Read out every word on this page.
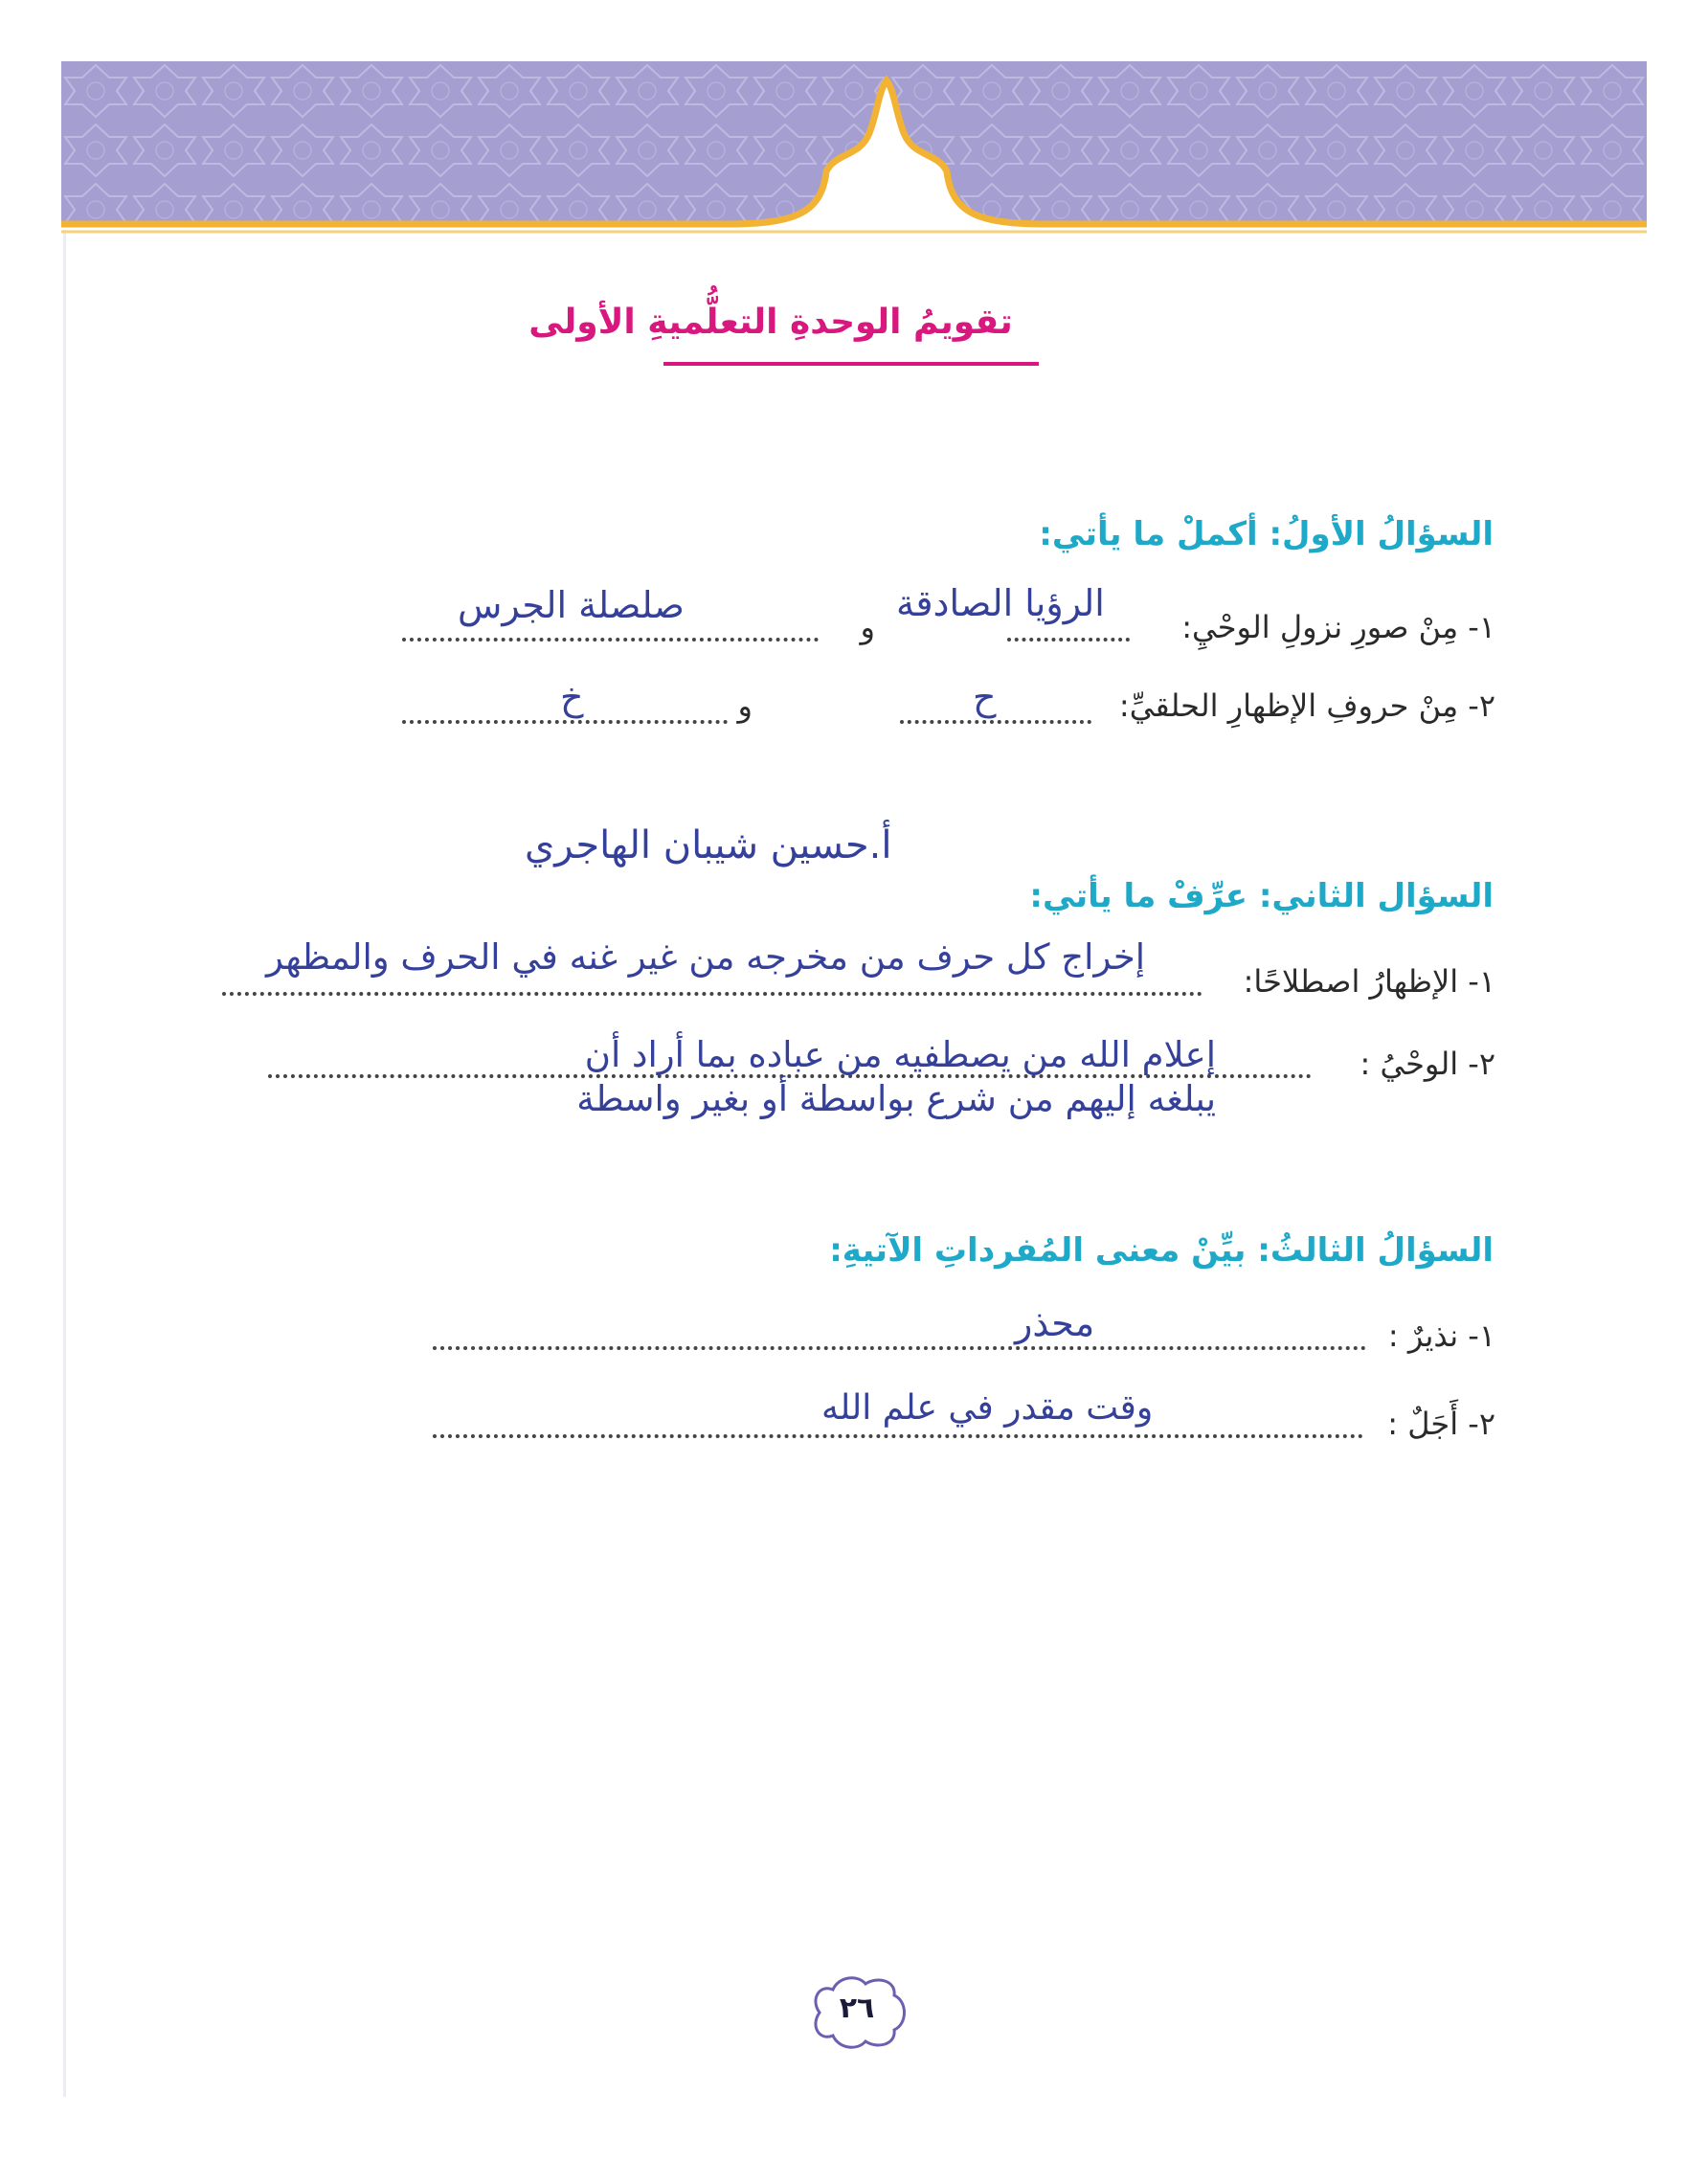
تقويمُ الوحدةِ التعلُّميةِ الأولى
السؤالُ الأولُ: أكملْ ما يأتي:
١- مِنْ صورِ نزولِ الوحْيِ:
و
الرؤيا الصادقة
صلصلة الجرس
٢- مِنْ حروفِ الإظهارِ الحلقيِّ:
و	ح
خ
أ.حسين شيبان الهاجري
السؤال الثاني: عرِّفْ ما يأتي:
١- الإظهارُ اصطلاحًا:
إخراج كل حرف من مخرجه من غير غنه في الحرف والمظهر
٢- الوحْيُ :
إعلام الله من يصطفيه من عباده بما أراد أن
يبلغه إليهم من شرع بواسطة أو بغير واسطة
السؤالُ الثالثُ: بيِّنْ معنى المُفرداتِ الآتيةِ:
١- نذيرٌ :
محذر
٢- أَجَلٌ :
وقت مقدر في علم الله
٢٦
